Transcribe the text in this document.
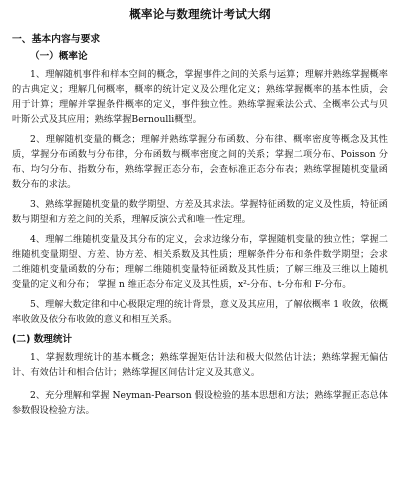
概率论与数理统计考试大纲
一、基本内容与要求
（一）概率论

1、理解随机事件和样本空间的概念，掌握事件之间的关系与运算；理解并熟练掌握概率的古典定义；理解几何概率，概率的统计定义及公理化定义；熟练掌握概率的基本性质，会用于计算；理解并掌握条件概率的定义，事件独立性。熟练掌握乘法公式、全概率公式与贝叶斯公式及其应用；熟练掌握Bernoulli概型。

2、理解随机变量的概念；理解并熟练掌握分布函数、分布律、概率密度等概念及其性质，掌握分布函数与分布律，分布函数与概率密度之间的关系；掌握二项分布、Poisson 分布、均匀分布、指数分布，熟练掌握正态分布，会查标准正态分布表；熟练掌握随机变量函数分布的求法。

3、熟练掌握随机变量的数学期望、方差及其求法。掌握特征函数的定义及性质，特征函数与期望和方差之间的关系，理解反演公式和唯一性定理。

4、理解二维随机变量及其分布的定义，会求边缘分布，掌握随机变量的独立性；掌握二维随机变量期望、方差、协方差、相关系数及其性质；理解条件分布和条件数学期望；会求二维随机变量函数的分布；理解二维随机变量特征函数及其性质；了解三维及三维以上随机变量的定义和分布； 掌握 n 维正态分布定义及其性质，x²-分布、t-分布和 F-分布。

5、理解大数定律和中心极限定理的统计背景，意义及其应用，了解依概率 1 收敛，依概率收敛及依分布收敛的意义和相互关系。

(二) 数理统计

1、掌握数理统计的基本概念；熟练掌握矩估计法和极大似然估计法；熟练掌握无偏估计、有效估计和相合估计；熟练掌握区间估计定义及其意义。

2、充分理解和掌握 Neyman-Pearson 假设检验的基本思想和方法；熟练掌握正态总体参数假设检验方法。
